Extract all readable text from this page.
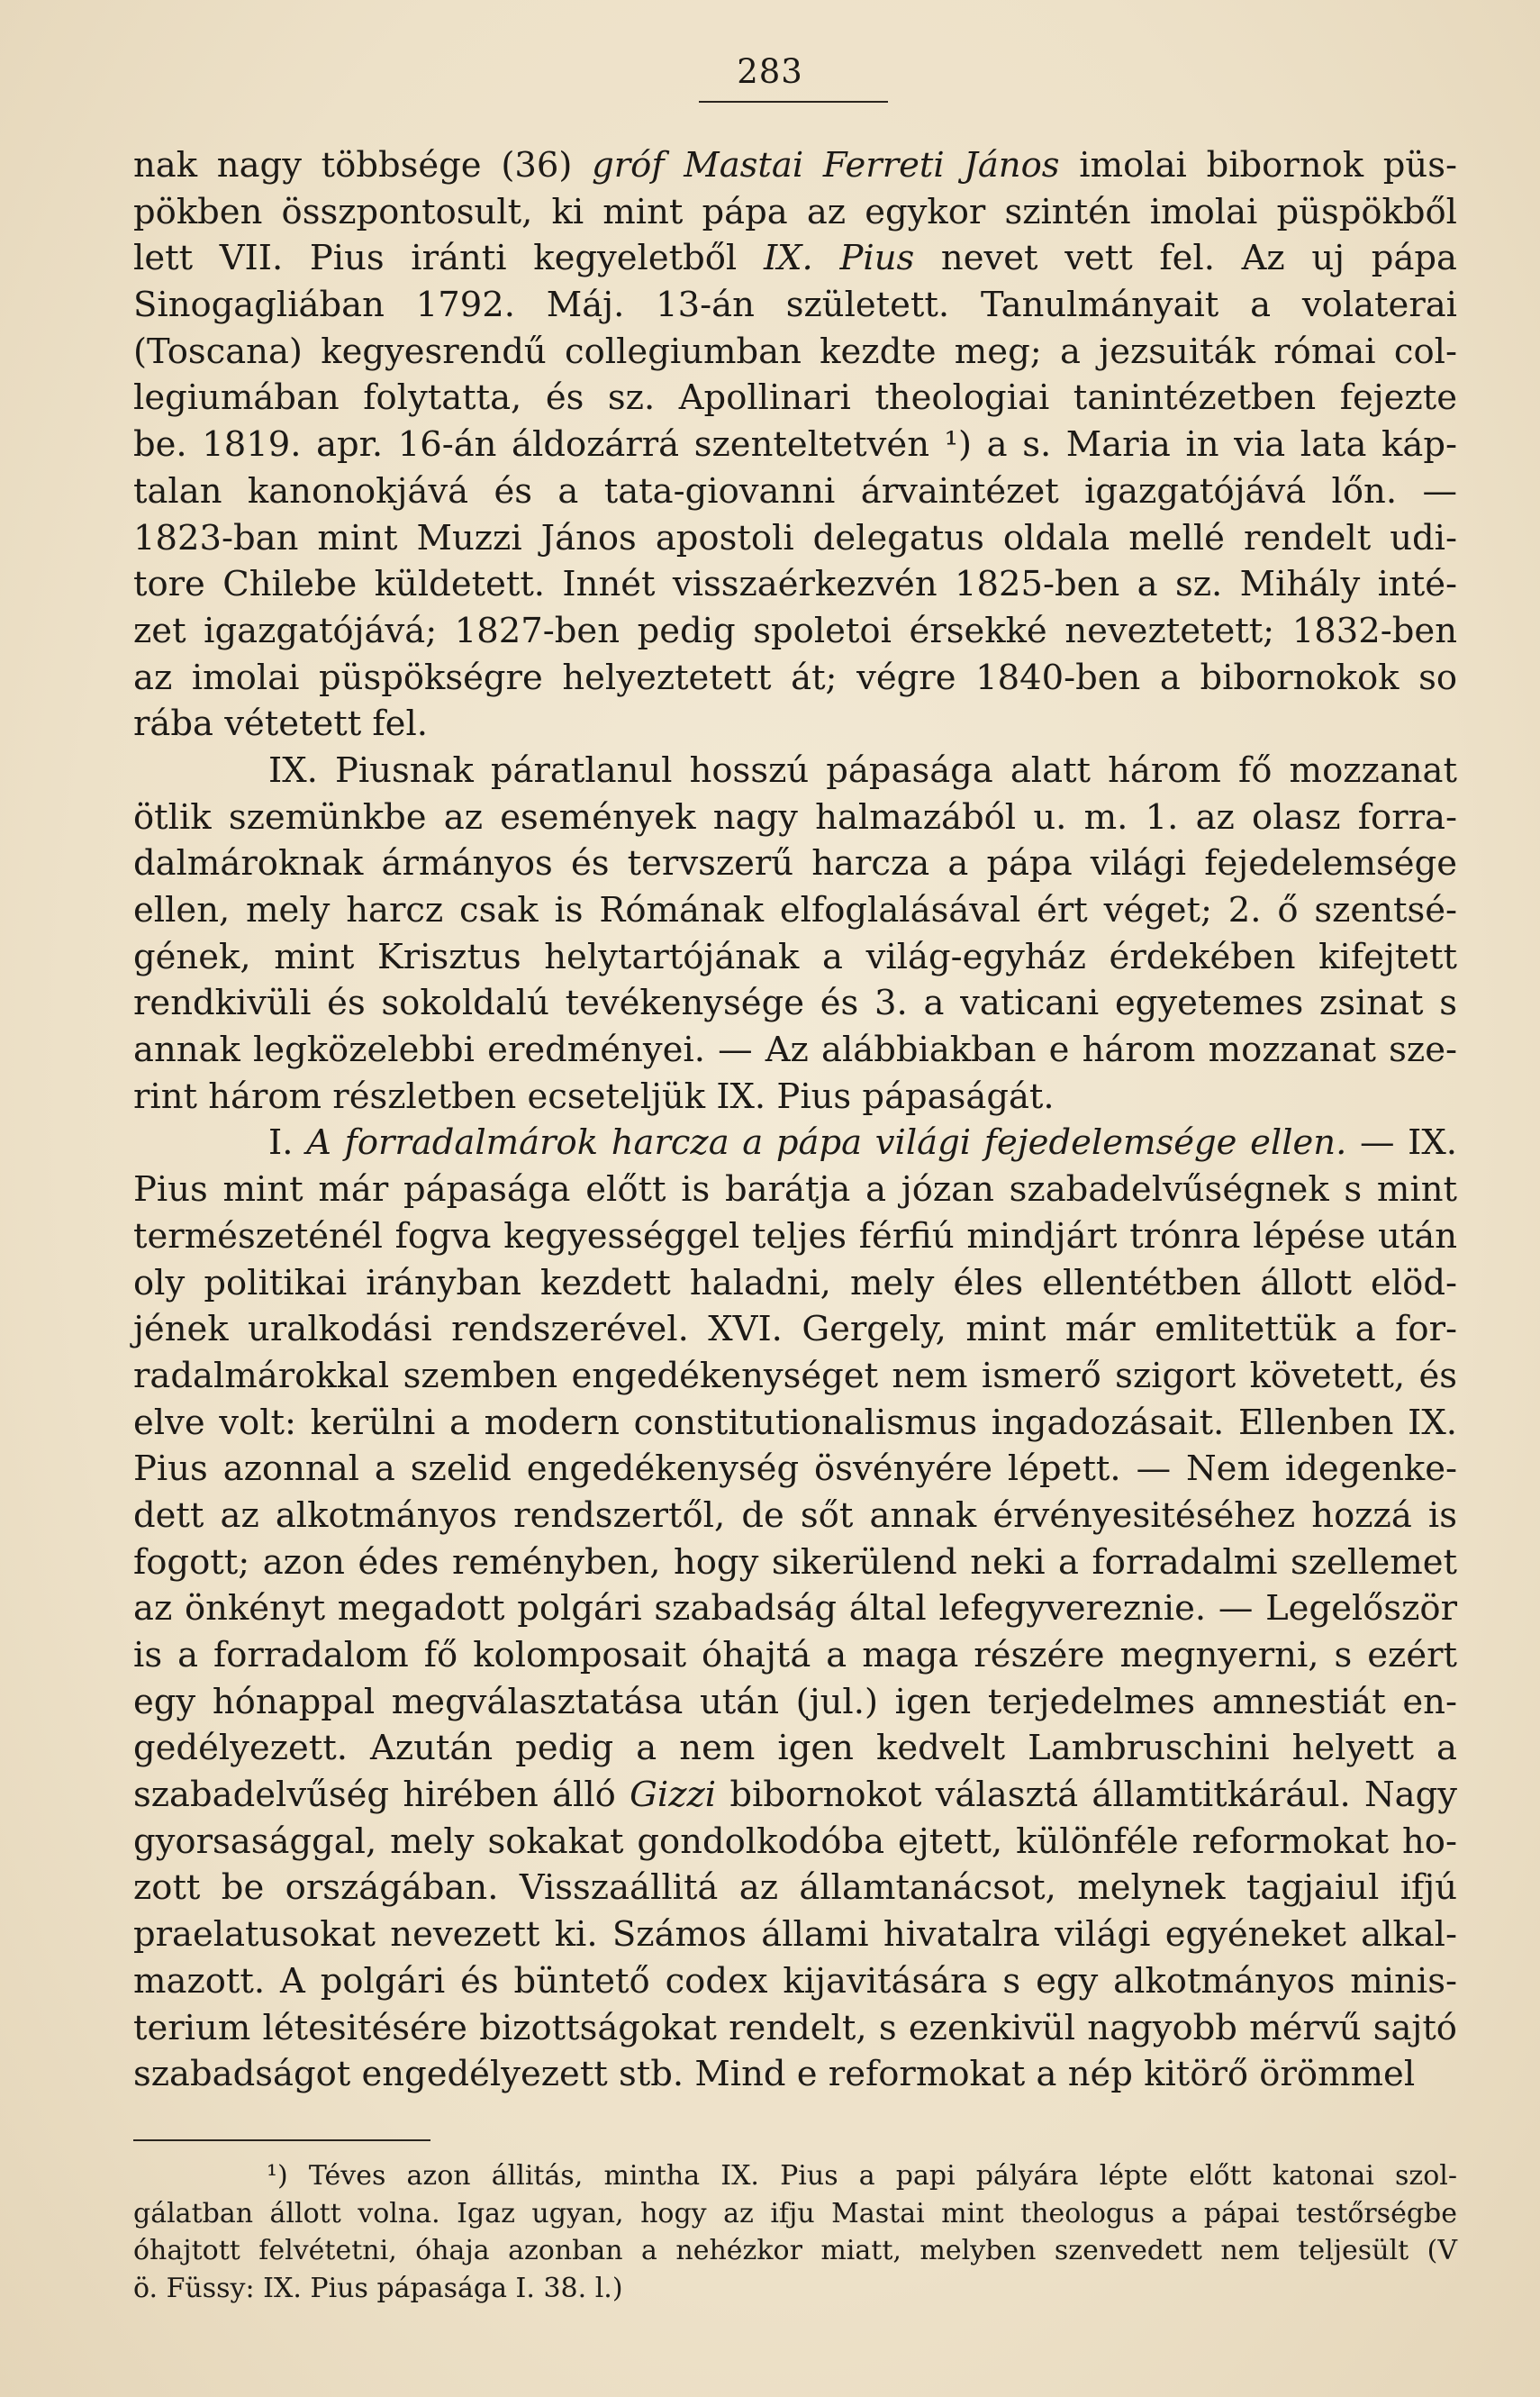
283
nak nagy többsége (36) gróf Mastai Ferreti János imolai bibornok püs-
pökben összpontosult, ki mint pápa az egykor szintén imolai püspökből
lett VII. Pius iránti kegyeletből IX. Pius nevet vett fel. Az uj pápa
Sinogagliában 1792. Máj. 13-án született. Tanulmányait a volaterai
(Toscana) kegyesrendű collegiumban kezdte meg; a jezsuiták római col-
legiumában folytatta, és sz. Apollinari theologiai tanintézetben fejezte
be. 1819. apr. 16-án áldozárrá szenteltetvén ¹) a s. Maria in via lata káp-
talan kanonokjává és a tata-giovanni árvaintézet igazgatójává lőn. —
1823-ban mint Muzzi János apostoli delegatus oldala mellé rendelt udi-
tore Chilebe küldetett. Innét visszaérkezvén 1825-ben a sz. Mihály inté-
zet igazgatójává; 1827-ben pedig spoletoi érsekké neveztetett; 1832-ben
az imolai püspökségre helyeztetett át; végre 1840-ben a bibornokok so
rába vétetett fel.
IX. Piusnak páratlanul hosszú pápasága alatt három fő mozzanat
ötlik szemünkbe az események nagy halmazából u. m. 1. az olasz forra-
dalmároknak ármányos és tervszerű harcza a pápa világi fejedelemsége
ellen, mely harcz csak is Rómának elfoglalásával ért véget; 2. ő szentsé-
gének, mint Krisztus helytartójának a világ-egyház érdekében kifejtett
rendkivüli és sokoldalú tevékenysége és 3. a vaticani egyetemes zsinat s
annak legközelebbi eredményei. — Az alábbiakban e három mozzanat sze-
rint három részletben ecseteljük IX. Pius pápaságát.
I. A forradalmárok harcza a pápa világi fejedelemsége ellen. — IX.
Pius mint már pápasága előtt is barátja a józan szabadelvűségnek s mint
természeténél fogva kegyességgel teljes férfiú mindjárt trónra lépése után
oly politikai irányban kezdett haladni, mely éles ellentétben állott elöd-
jének uralkodási rendszerével. XVI. Gergely, mint már emlitettük a for-
radalmárokkal szemben engedékenységet nem ismerő szigort követett, és
elve volt: kerülni a modern constitutionalismus ingadozásait. Ellenben IX.
Pius azonnal a szelid engedékenység ösvényére lépett. — Nem idegenke-
dett az alkotmányos rendszertől, de sőt annak érvényesitéséhez hozzá is
fogott; azon édes reményben, hogy sikerülend neki a forradalmi szellemet
az önkényt megadott polgári szabadság által lefegyvereznie. — Legelőször
is a forradalom fő kolomposait óhajtá a maga részére megnyerni, s ezért
egy hónappal megválasztatása után (jul.) igen terjedelmes amnestiát en-
gedélyezett. Azután pedig a nem igen kedvelt Lambruschini helyett a
szabadelvűség hirében álló Gizzi bibornokot választá államtitkárául. Nagy
gyorsasággal, mely sokakat gondolkodóba ejtett, különféle reformokat ho-
zott be országában. Visszaállitá az államtanácsot, melynek tagjaiul ifjú
praelatusokat nevezett ki. Számos állami hivatalra világi egyéneket alkal-
mazott. A polgári és büntető codex kijavitására s egy alkotmányos minis-
terium létesitésére bizottságokat rendelt, s ezenkivül nagyobb mérvű sajtó
szabadságot engedélyezett stb. Mind e reformokat a nép kitörő örömmel
¹) Téves azon állitás, mintha IX. Pius a papi pályára lépte előtt katonai szol-
gálatban állott volna. Igaz ugyan, hogy az ifju Mastai mint theologus a pápai testőrségbe
óhajtott felvétetni, óhaja azonban a nehézkor miatt, melyben szenvedett nem teljesült (V
ö. Füssy: IX. Pius pápasága I. 38. l.)
